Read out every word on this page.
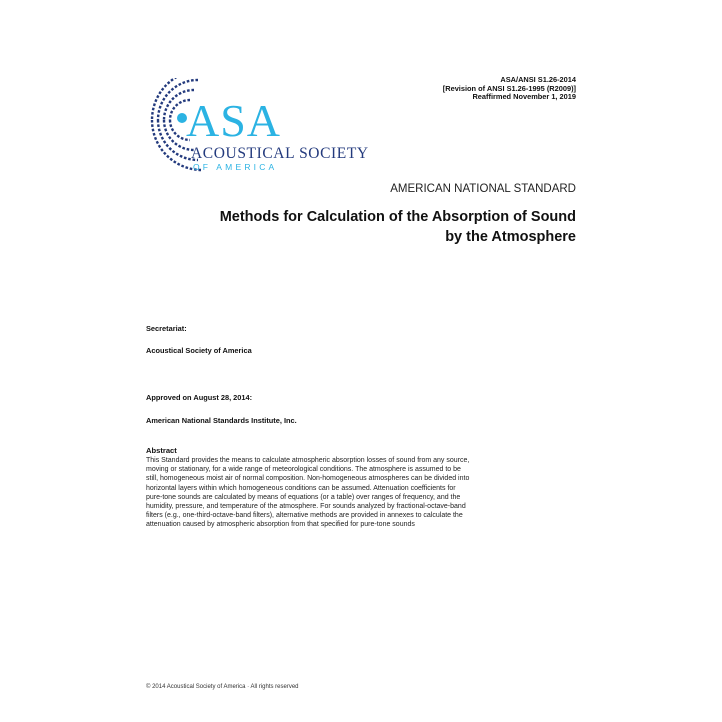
ASA/ANSI S1.26-2014
[Revision of ANSI S1.26-1995 (R2009)]
Reaffirmed November 1, 2019
ASA
ACOUSTICAL SOCIETY
OF AMERICA
AMERICAN NATIONAL STANDARD
Methods for Calculation of the Absorption of Sound
by the Atmosphere
Secretariat:
Acoustical Society of America
Approved on August 28, 2014:
American National Standards Institute, Inc.
Abstract
This Standard provides the means to calculate atmospheric absorption losses of sound from any source,
moving or stationary, for a wide range of meteorological conditions. The atmosphere is assumed to be
still, homogeneous moist air of normal composition. Non-homogeneous atmospheres can be divided into
horizontal layers within which homogeneous conditions can be assumed. Attenuation coefficients for
pure-tone sounds are calculated by means of equations (or a table) over ranges of frequency, and the
humidity, pressure, and temperature of the atmosphere. For sounds analyzed by fractional-octave-band
filters (e.g., one-third-octave-band filters), alternative methods are provided in annexes to calculate the
attenuation caused by atmospheric absorption from that specified for pure-tone sounds
© 2014 Acoustical Society of America · All rights reserved
